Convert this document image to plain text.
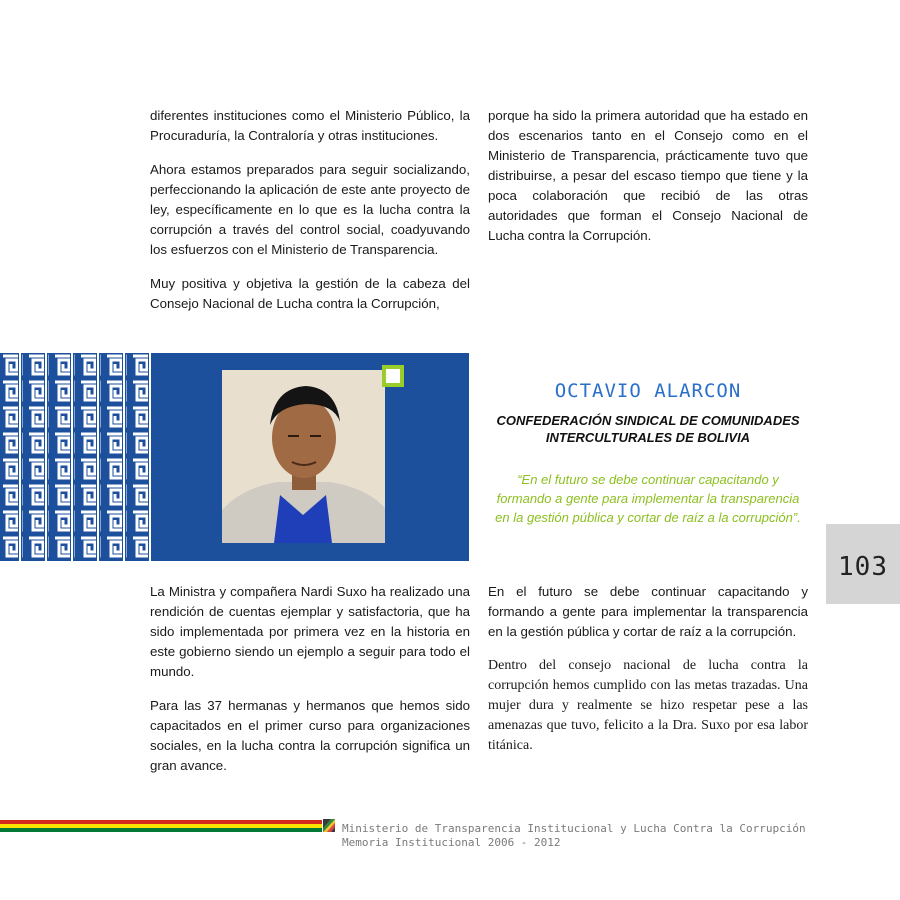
diferentes instituciones como el Ministerio Público, la Procuraduría, la Contraloría y otras instituciones.

Ahora estamos preparados para seguir socializando, perfeccionando la aplicación de este ante proyecto de ley, específicamente en lo que es la lucha contra la corrupción a través del control social, coadyuvando los esfuerzos con el Ministerio de Transparencia.

Muy positiva y objetiva la gestión de la cabeza del Consejo Nacional de Lucha contra la Corrupción,

porque ha sido la primera autoridad que ha estado en dos escenarios tanto en el Consejo como en el Ministerio de Transparencia, prácticamente tuvo que distribuirse, a pesar del escaso tiempo que tiene y la poca colaboración que recibió de las otras autoridades que forman el Consejo Nacional de Lucha contra la Corrupción.

OCTAVIO ALARCON
CONFEDERACIÓN SINDICAL DE COMUNIDADES INTERCULTURALES DE BOLIVIA
“En el futuro se debe continuar capacitando y formando a gente para implementar la transparencia en la gestión pública y cortar de raíz a la corrupción”.
103

La Ministra y compañera Nardi Suxo ha realizado una rendición de cuentas ejemplar y satisfactoria, que ha sido implementada por primera vez en la historia en este gobierno siendo un ejemplo a seguir para todo el mundo.

Para las 37 hermanas y hermanos que hemos sido capacitados en el primer curso para organizaciones sociales, en la lucha contra la corrupción significa un gran avance.

En el futuro se debe continuar capacitando y formando a gente para implementar la transparencia en la gestión pública y cortar de raíz a la corrupción.

Dentro del consejo nacional de lucha contra la corrupción hemos cumplido con las metas trazadas. Una mujer dura y realmente se hizo respetar pese a las amenazas que tuvo, felicito a la Dra. Suxo por esa labor titánica.

Ministerio de Transparencia Institucional y Lucha Contra la Corrupción
Memoria Institucional 2006 - 2012
